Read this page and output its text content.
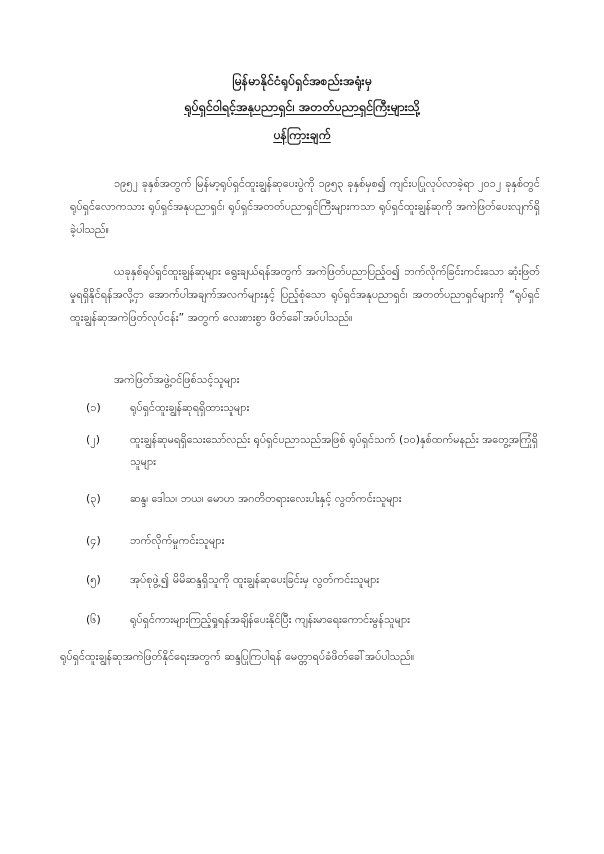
မြန်မာနိုင်ငံရုပ်ရှင်အစည်းအရုံးမှ
ရုပ်ရှင်ဝါရင့်အနုပညာရှင်၊ အတတ်ပညာရှင်ကြီးများသို့
ပန်ကြားချက်

၁၉၅၂ ခုနှစ်အတွက် မြန်မာ့ရုပ်ရှင်ထူးချွန်ဆုပေးပွဲကို ၁၉၅၃ ခုနှစ်မှစ၍ ကျင်းပပြုလုပ်လာခဲ့ရာ ၂၀၁၂ ခုနှစ်တွင် ရုပ်ရှင်လောကသား ရုပ်ရှင်အနုပညာရှင်၊ ရုပ်ရှင်အတတ်ပညာရှင်ကြီးများကသာ ရုပ်ရှင်ထူးချွန်ဆုကို အကဲဖြတ်ပေးလျက်ရှိခဲ့ပါသည်။

ယခုနှစ်ရုပ်ရှင်ထူးချွန်ဆုများ ရွေးချယ်ရန်အတွက် အကဲဖြတ်ပညာပြည့်ဝ၍ ဘက်လိုက်ခြင်းကင်းသော ဆုံးဖြတ်မှုရရှိနိုင်ရန်အလို့ငှာ အောက်ပါအချက်အလက်များနှင့် ပြည့်စုံသော ရုပ်ရှင်အနုပညာရှင်၊ အတတ်ပညာရှင်များကို “ရုပ်ရှင်ထူးချွန်ဆုအကဲဖြတ်လုပ်ငန်း” အတွက် လေးစားစွာ ဖိတ်ခေါ်အပ်ပါသည်။

အကဲဖြတ်အဖွဲ့ဝင်ဖြစ်သင့်သူများ
(၁)	ရုပ်ရှင်ထူးချွန်ဆုရရှိထားသူများ
(၂)	ထူးချွန်ဆုမရရှိသေးသော်လည်း ရုပ်ရှင်ပညာသည်အဖြစ် ရုပ်ရှင်သက် (၁၀)နှစ်ထက်မနည်း အတွေ့အကြုံရှိသူများ
(၃)	ဆန္ဒ၊ ဒေါသ၊ ဘယ၊ မောဟ အဂတိတရားလေးပါးနှင့် လွတ်ကင်းသူများ
(၄)	ဘက်လိုက်မှုကင်းသူများ
(၅)	အုပ်စုဖွဲ့၍ မိမိဆန္ဒရှိသူကို ထူးချွန်ဆုပေးခြင်းမှ လွတ်ကင်းသူများ
(၆)	ရုပ်ရှင်ကားများကြည့်ရှုရန်အချိန်ပေးနိုင်ပြီး ကျန်းမာရေးကောင်းမွန်သူများ
ရုပ်ရှင်ထူးချွန်ဆုအကဲဖြတ်နိုင်ရေးအတွက် ဆန္ဒပြုကြပါရန် မေတ္တာရပ်ခံဖိတ်ခေါ်အပ်ပါသည်။
